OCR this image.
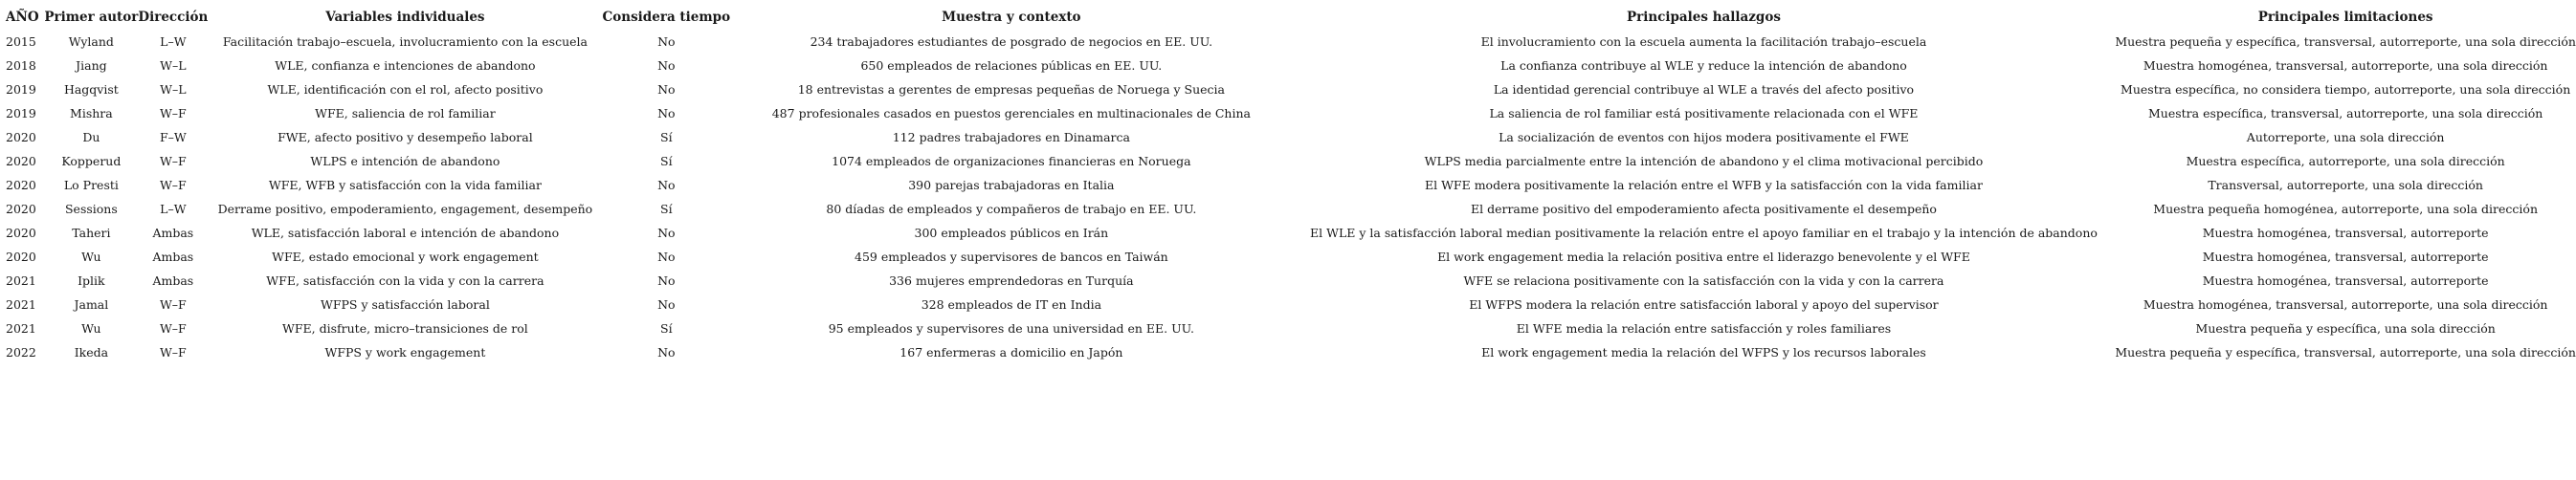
AÑO	Primer autor	Dirección	Variables individuales	Considera tiempo	Muestra y contexto	Principales hallazgos	Principales limitaciones
2015	Wyland	L–W	Facilitación trabajo–escuela, involucramiento con la escuela	No	234 trabajadores estudiantes de posgrado de negocios en EE. UU.	El involucramiento con la escuela aumenta la facilitación trabajo–escuela	Muestra pequeña y específica, transversal, autorreporte, una sola dirección
2018	Jiang	W–L	WLE, confianza e intenciones de abandono	No	650 empleados de relaciones públicas en EE. UU.	La confianza contribuye al WLE y reduce la intención de abandono	Muestra homogénea, transversal, autorreporte, una sola dirección
2019	Hagqvist	W–L	WLE, identificación con el rol, afecto positivo	No	18 entrevistas a gerentes de empresas pequeñas de Noruega y Suecia	La identidad gerencial contribuye al WLE a través del afecto positivo	Muestra específica, no considera tiempo, autorreporte, una sola dirección
2019	Mishra	W–F	WFE, saliencia de rol familiar	No	487 profesionales casados en puestos gerenciales en multinacionales de China	La saliencia de rol familiar está positivamente relacionada con el WFE	Muestra específica, transversal, autorreporte, una sola dirección
2020	Du	F–W	FWE, afecto positivo y desempeño laboral	Sí	112 padres trabajadores en Dinamarca	La socialización de eventos con hijos modera positivamente el FWE	Autorreporte, una sola dirección
2020	Kopperud	W–F	WLPS e intención de abandono	Sí	1074 empleados de organizaciones financieras en Noruega	WLPS media parcialmente entre la intención de abandono y el clima motivacional percibido	Muestra específica, autorreporte, una sola dirección
2020	Lo Presti	W–F	WFE, WFB y satisfacción con la vida familiar	No	390 parejas trabajadoras en Italia	El WFE modera positivamente la relación entre el WFB y la satisfacción con la vida familiar	Transversal, autorreporte, una sola dirección
2020	Sessions	L–W	Derrame positivo, empoderamiento, engagement, desempeño	Sí	80 díadas de empleados y compañeros de trabajo en EE. UU.	El derrame positivo del empoderamiento afecta positivamente el desempeño	Muestra pequeña homogénea, autorreporte, una sola dirección
2020	Taheri	Ambas	WLE, satisfacción laboral e intención de abandono	No	300 empleados públicos en Irán	El WLE y la satisfacción laboral median positivamente la relación entre el apoyo familiar en el trabajo y la intención de abandono	Muestra homogénea, transversal, autorreporte
2020	Wu	Ambas	WFE, estado emocional y work engagement	No	459 empleados y supervisores de bancos en Taiwán	El work engagement media la relación positiva entre el liderazgo benevolente y el WFE	Muestra homogénea, transversal, autorreporte
2021	Iplik	Ambas	WFE, satisfacción con la vida y con la carrera	No	336 mujeres emprendedoras en Turquía	WFE se relaciona positivamente con la satisfacción con la vida y con la carrera	Muestra homogénea, transversal, autorreporte
2021	Jamal	W–F	WFPS y satisfacción laboral	No	328 empleados de IT en India	El WFPS modera la relación entre satisfacción laboral y apoyo del supervisor	Muestra homogénea, transversal, autorreporte, una sola dirección
2021	Wu	W–F	WFE, disfrute, micro–transiciones de rol	Sí	95 empleados y supervisores de una universidad en EE. UU.	El WFE media la relación entre satisfacción y roles familiares	Muestra pequeña y específica, una sola dirección
2022	Ikeda	W–F	WFPS y work engagement	No	167 enfermeras a domicilio en Japón	El work engagement media la relación del WFPS y los recursos laborales	Muestra pequeña y específica, transversal, autorreporte, una sola dirección
